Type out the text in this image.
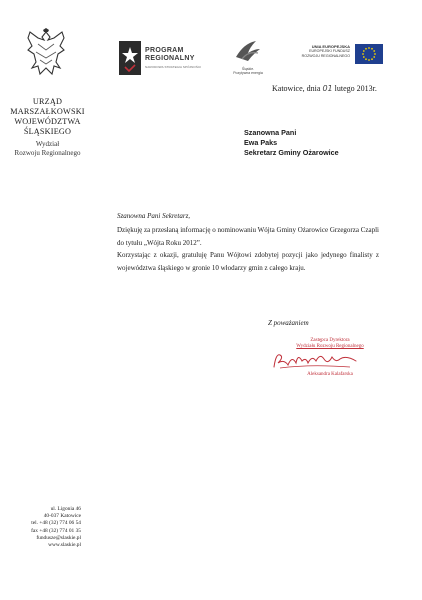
URZĄD
MARSZAŁKOWSKI
WOJEWÓDZTWA
ŚLĄSKIEGO
Wydział
Rozwoju Regionalnego
PROGRAM
REGIONALNY
NARODOWA STRATEGIA SPÓJNOŚCI	Śląskie.
Pozytywna energia
UNIA EUROPEJSKA
EUROPEJSKI FUNDUSZ
ROZWOJU REGIONALNEGO
Katowice, dnia 01 lutego 2013r.
Szanowna Pani
Ewa Paks
Sekretarz Gminy Ożarowice
Szanowna Pani Sekretarz,

Dziękuję za przesłaną informację o nominowaniu Wójta Gminy Ożarowice Grzegorza Czapli do tytułu „Wójta Roku 2012”.

Korzystając z okazji, gratuluję Panu Wójtowi zdobytej pozycji jako jedynego finalisty z województwa śląskiego w gronie 10 włodarzy gmin z całego kraju.

Z poważaniem
Zastępca Dyrektora
Wydziału Rozwoju Regionalnego
Aleksandra Kalafarska
ul. Ligonia 46
40-037 Katowice
tel. +48 (32) 774 06 54
fax +48 (32) 774 01 35
fundusze@slaskie.pl
www.slaskie.pl
